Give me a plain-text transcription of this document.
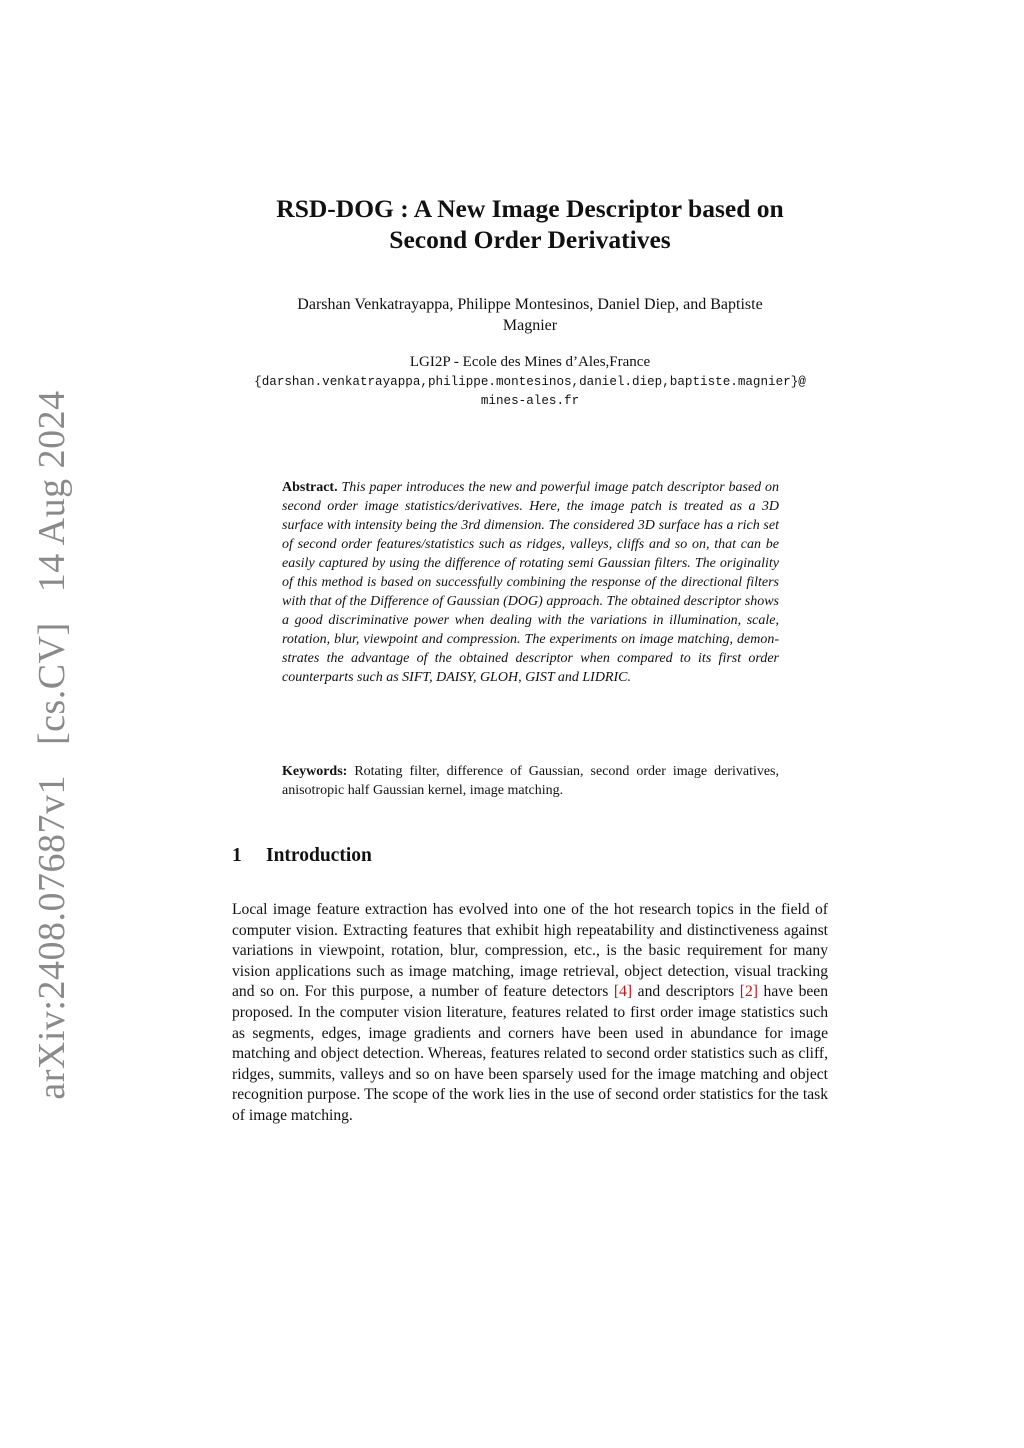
arXiv:2408.07687v1 [cs.CV] 14 Aug 2024
RSD-DOG : A New Image Descriptor based on
Second Order Derivatives
Darshan Venkatrayappa, Philippe Montesinos, Daniel Diep, and Baptiste
Magnier
LGI2P - Ecole des Mines d’Ales,France
{darshan.venkatrayappa,philippe.montesinos,daniel.diep,baptiste.magnier}@
mines-ales.fr
Abstract. This paper introduces the new and powerful image patch descriptor based on second order image statistics/derivatives. Here, the image patch is treated as a 3D surface with intensity being the 3rd dimension. The considered 3D surface has a rich set of second order features/statistics such as ridges, valleys, cliffs and so on, that can be easily captured by using the difference of rotating semi Gaussian filters. The originality of this method is based on successfully combining the response of the directional filters with that of the Difference of Gaussian (DOG) approach. The obtained descriptor shows a good discriminative power when dealing with the variations in illumination, scale, rotation, blur, viewpoint and compression. The experiments on image matching, demonstrates the advantage of the obtained descriptor when compared to its first order counterparts such as SIFT, DAISY, GLOH, GIST and LIDRIC.
Keywords: Rotating filter, difference of Gaussian, second order image derivatives, anisotropic half Gaussian kernel, image matching.
1 Introduction
Local image feature extraction has evolved into one of the hot research topics in the field of computer vision. Extracting features that exhibit high repeatability and distinctiveness against variations in viewpoint, rotation, blur, compression, etc., is the basic requirement for many vision applications such as image matching, image retrieval, object detection, visual tracking and so on. For this purpose, a number of feature detectors [4] and descriptors [2] have been proposed. In the computer vision literature, features related to first order image statistics such as segments, edges, image gradients and corners have been used in abundance for image matching and object detection. Whereas, features related to second order statistics such as cliff, ridges, summits, valleys and so on have been sparsely used for the image matching and object recognition purpose. The scope of the work lies in the use of second order statistics for the task of image matching.
